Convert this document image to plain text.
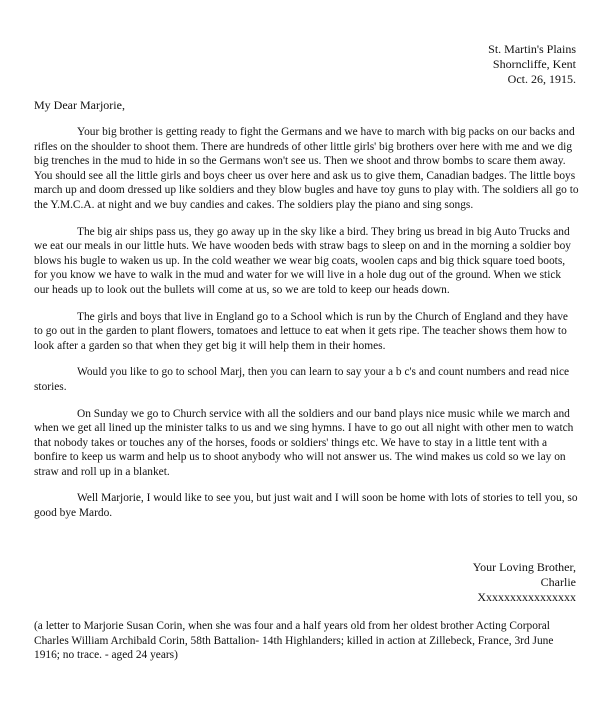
St. Martin's Plains
Shorncliffe, Kent
Oct. 26, 1915.
My Dear Marjorie,

Your big brother is getting ready to fight the Germans and we have to march with big packs on our backs and rifles on the shoulder to shoot them. There are hundreds of other little girls' big brothers over here with me and we dig big trenches in the mud to hide in so the Germans won't see us. Then we shoot and throw bombs to scare them away. You should see all the little girls and boys cheer us over here and ask us to give them, Canadian badges. The little boys march up and doom dressed up like soldiers and they blow bugles and have toy guns to play with. The soldiers all go to the Y.M.C.A. at night and we buy candies and cakes. The soldiers play the piano and sing songs.

The big air ships pass us, they go away up in the sky like a bird. They bring us bread in big Auto Trucks and we eat our meals in our little huts. We have wooden beds with straw bags to sleep on and in the morning a soldier boy blows his bugle to waken us up. In the cold weather we wear big coats, woolen caps and big thick square toed boots, for you know we have to walk in the mud and water for we will live in a hole dug out of the ground. When we stick our heads up to look out the bullets will come at us, so we are told to keep our heads down.

The girls and boys that live in England go to a School which is run by the Church of England and they have to go out in the garden to plant flowers, tomatoes and lettuce to eat when it gets ripe. The teacher shows them how to look after a garden so that when they get big it will help them in their homes.

Would you like to go to school Marj, then you can learn to say your a b c's and count numbers and read nice stories.

On Sunday we go to Church service with all the soldiers and our band plays nice music while we march and when we get all lined up the minister talks to us and we sing hymns. I have to go out all night with other men to watch that nobody takes or touches any of the horses, foods or soldiers' things etc. We have to stay in a little tent with a bonfire to keep us warm and help us to shoot anybody who will not answer us. The wind makes us cold so we lay on straw and roll up in a blanket.

Well Marjorie, I would like to see you, but just wait and I will soon be home with lots of stories to tell you, so good bye Mardo.

Your Loving Brother,
Charlie
Xxxxxxxxxxxxxxxx
(a letter to Marjorie Susan Corin, when she was four and a half years old from her oldest brother Acting Corporal Charles William Archibald Corin, 58th Battalion- 14th Highlanders; killed in action at Zillebeck, France, 3rd June 1916; no trace. - aged 24 years)
